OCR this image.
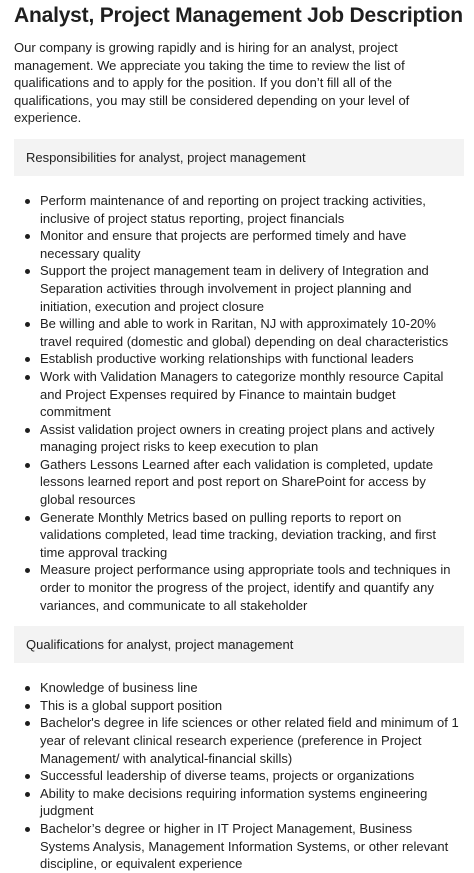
Analyst, Project Management Job Description

Our company is growing rapidly and is hiring for an analyst, project management. We appreciate you taking the time to review the list of qualifications and to apply for the position. If you don’t fill all of the qualifications, you may still be considered depending on your level of experience.

Responsibilities for analyst, project management
Perform maintenance of and reporting on project tracking activities, inclusive of project status reporting, project financials
Monitor and ensure that projects are performed timely and have necessary quality
Support the project management team in delivery of Integration and Separation activities through involvement in project planning and initiation, execution and project closure
Be willing and able to work in Raritan, NJ with approximately 10-20% travel required (domestic and global) depending on deal characteristics
Establish productive working relationships with functional leaders
Work with Validation Managers to categorize monthly resource Capital and Project Expenses required by Finance to maintain budget commitment
Assist validation project owners in creating project plans and actively managing project risks to keep execution to plan
Gathers Lessons Learned after each validation is completed, update lessons learned report and post report on SharePoint for access by global resources
Generate Monthly Metrics based on pulling reports to report on validations completed, lead time tracking, deviation tracking, and first time approval tracking
Measure project performance using appropriate tools and techniques in order to monitor the progress of the project, identify and quantify any variances, and communicate to all stakeholder
Qualifications for analyst, project management
Knowledge of business line
This is a global support position
Bachelor's degree in life sciences or other related field and minimum of 1 year of relevant clinical research experience (preference in Project Management/ with analytical-financial skills)
Successful leadership of diverse teams, projects or organizations
Ability to make decisions requiring information systems engineering judgment
Bachelor’s degree or higher in IT Project Management, Business Systems Analysis, Management Information Systems, or other relevant discipline, or equivalent experience
